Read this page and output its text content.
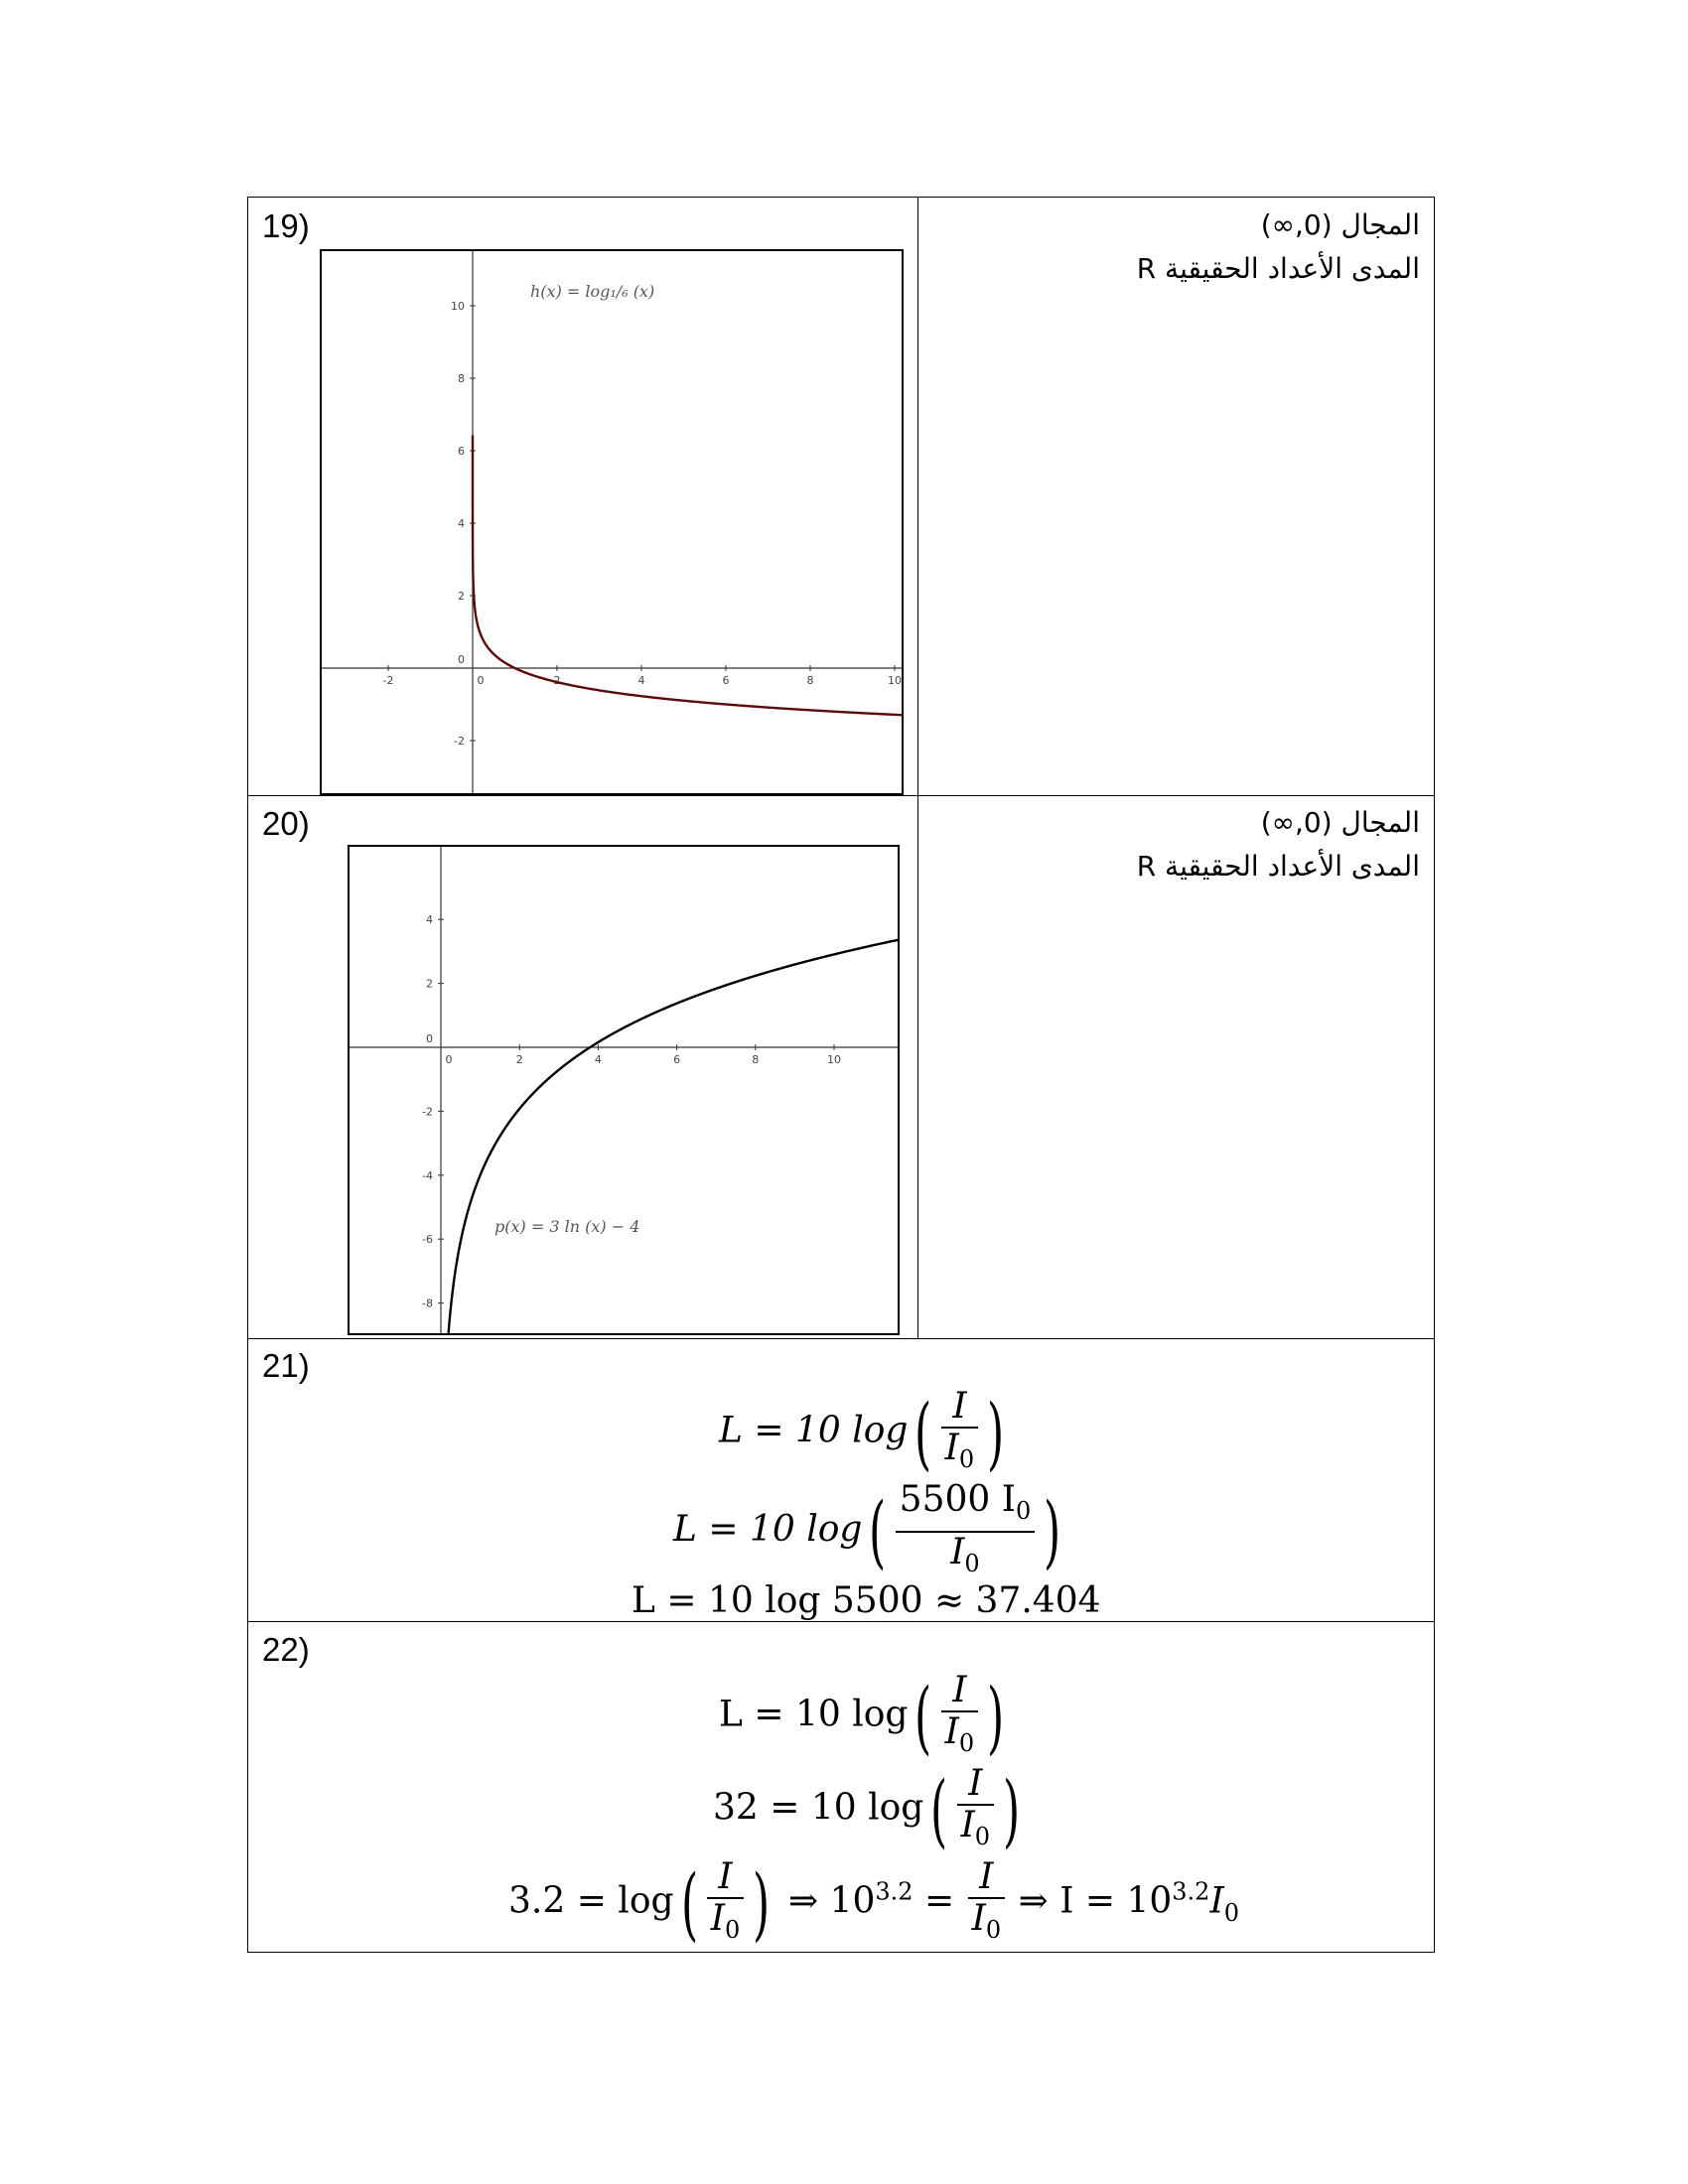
19)	المجال (0,∞)
المدى الأعداد الحقيقية R
-2	0	2	4	6	8	10
10
8
6
4
2
0
-2
h(x) = log₁/₆ (x)
20)	المجال (0,∞)
المدى الأعداد الحقيقية R
0	2	4	6	8	10
4
2
0
-2
-4
-6
-8
p(x) = 3 ln (x) − 4
21)
L = 10 $\log( \frac{I}{I_0}$ )
L = 10 $\log( \frac{5500 I_0}{I_0}$ )
L = 10 log 5500 ≈ 37.404
22)
L = 10 $\log( \frac{I}{I_0}$ )
32 = 10 $\log( \frac{I}{I_0}$ )
$3.2 = \log( \frac{I}{I_0}$ ) ⇒ $10^{3.2} = \frac{I}{I_0}$ ⇒ $I = 10^{3.2}I_0$
